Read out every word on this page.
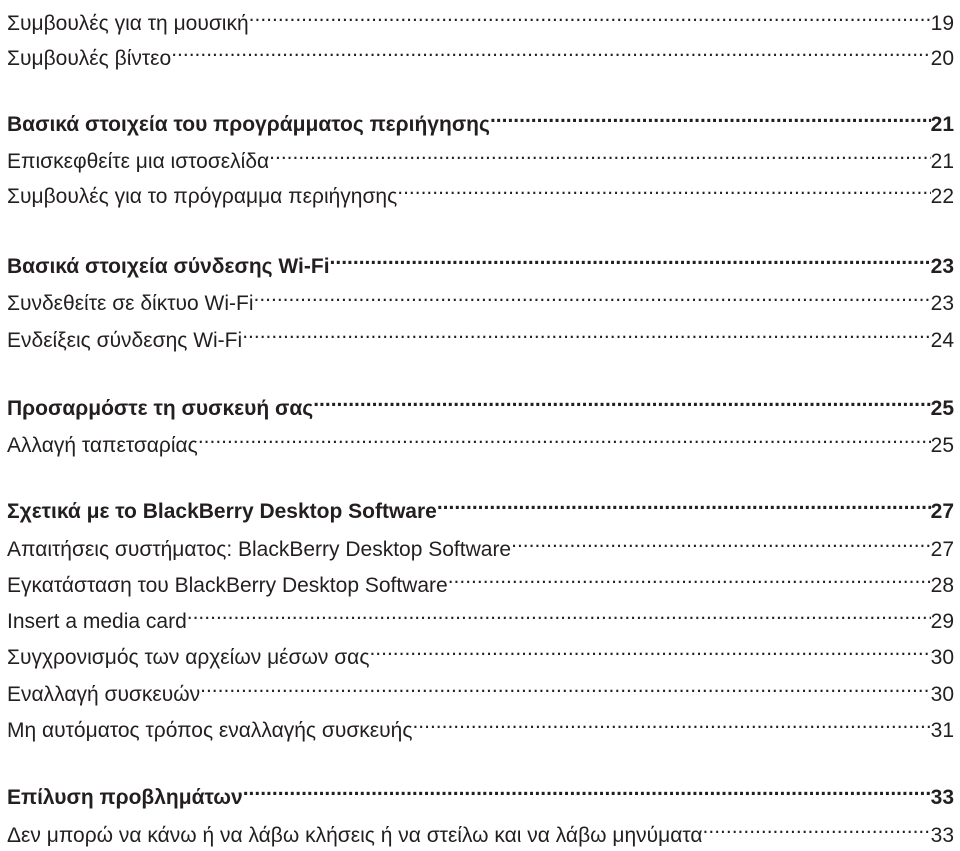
Συμβουλές για τη μουσική .....	19
Συμβουλές βίντεο .....	20
Βασικά στοιχεία του προγράμματος περιήγησης .....	21
Επισκεφθείτε μια ιστοσελίδα .....	21
Συμβουλές για το πρόγραμμα περιήγησης .....	22
Βασικά στοιχεία σύνδεσης Wi-Fi .....	23
Συνδεθείτε σε δίκτυο Wi-Fi .....	23
Ενδείξεις σύνδεσης Wi-Fi .....	24
Προσαρμόστε τη συσκευή σας .....	25
Αλλαγή ταπετσαρίας .....	25
Σχετικά με το BlackBerry Desktop Software .....	27
Απαιτήσεις συστήματος: BlackBerry Desktop Software .....	27
Εγκατάσταση του BlackBerry Desktop Software .....	28
Insert a media card .....	29
Συγχρονισμός των αρχείων μέσων σας .....	30
Εναλλαγή συσκευών .....	30
Μη αυτόματος τρόπος εναλλαγής συσκευής .....	31
Επίλυση προβλημάτων .....	33
Δεν μπορώ να κάνω ή να λάβω κλήσεις ή να στείλω και να λάβω μηνύματα .....	33
